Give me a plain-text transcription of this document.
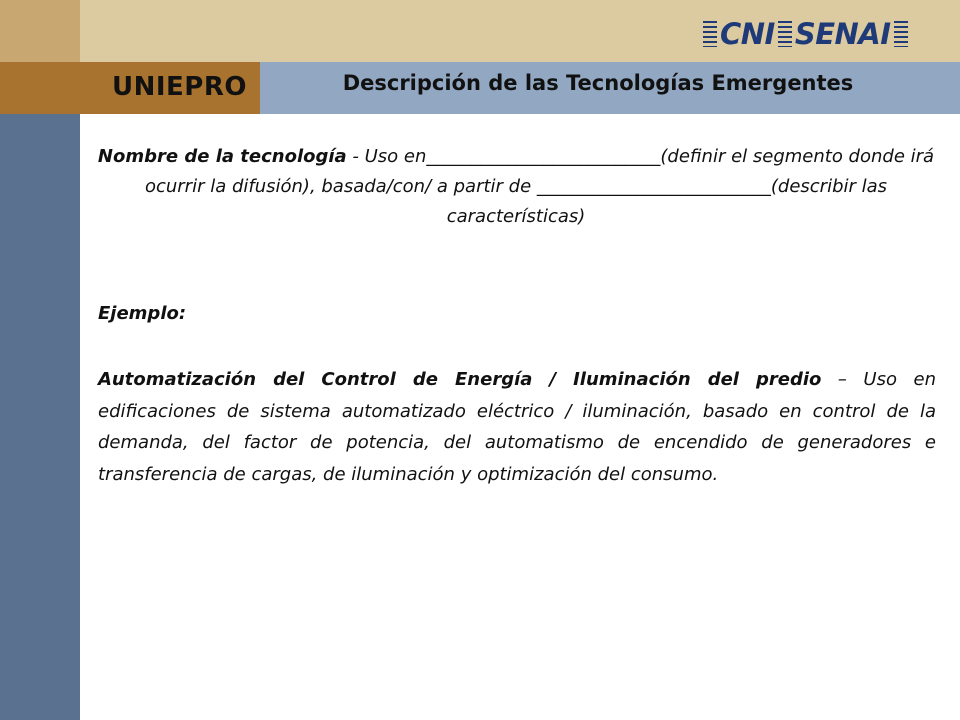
UNIEPRO	Descripción de las Tecnologías Emergentes
CNI SENAI
Nombre de la tecnología - Uso en__________________________(definir el segmento donde irá ocurrir la difusión), basada/con/ a partir de __________________________(describir las características)
Ejemplo:
Automatización del Control de Energía / Iluminación del predio – Uso en edificaciones de sistema automatizado eléctrico / iluminación, basado en control de la demanda, del factor de potencia, del automatismo de encendido de generadores e transferencia de cargas, de iluminación y optimización del consumo.
